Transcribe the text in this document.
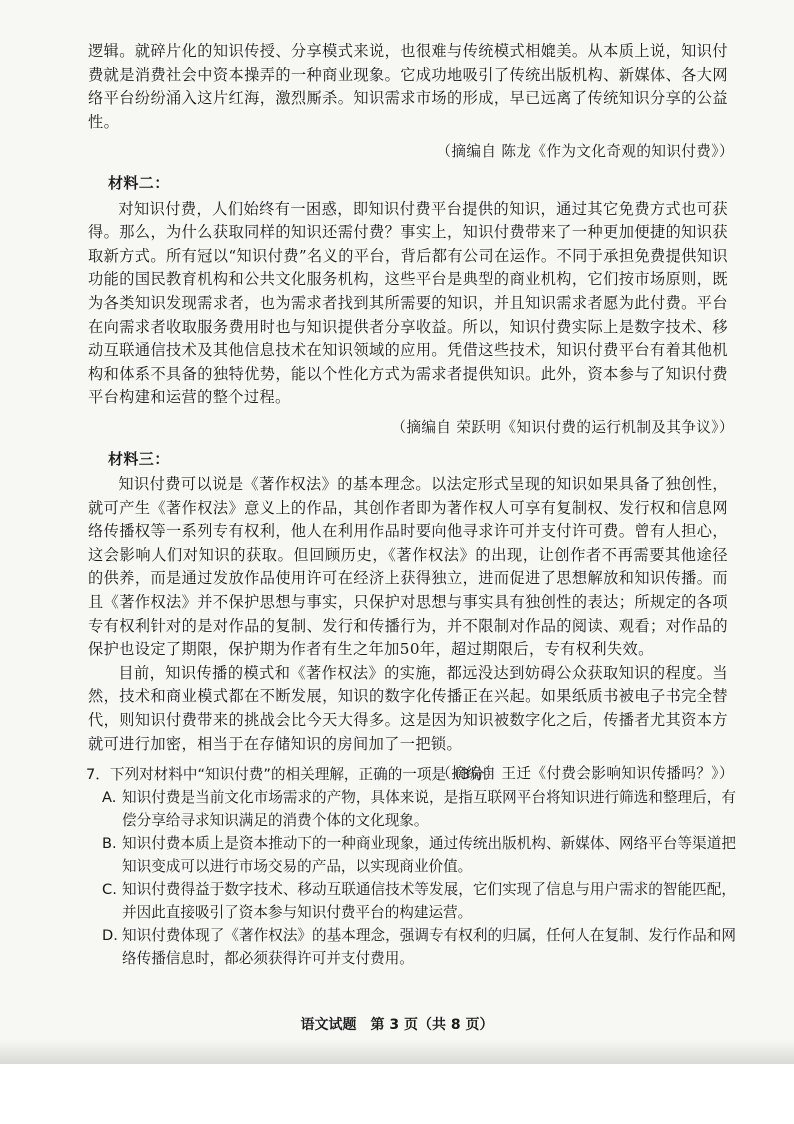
逻辑。就碎片化的知识传授、分享模式来说，也很难与传统模式相媲美。从本质上说，知识付费就是消费社会中资本操弄的一种商业现象。它成功地吸引了传统出版机构、新媒体、各大网络平台纷纷涌入这片红海，激烈厮杀。知识需求市场的形成，早已远离了传统知识分享的公益性。

（摘编自 陈龙《作为文化奇观的知识付费》）

材料二：

对知识付费，人们始终有一困惑，即知识付费平台提供的知识，通过其它免费方式也可获得。那么，为什么获取同样的知识还需付费？事实上，知识付费带来了一种更加便捷的知识获取新方式。所有冠以“知识付费”名义的平台，背后都有公司在运作。不同于承担免费提供知识功能的国民教育机构和公共文化服务机构，这些平台是典型的商业机构，它们按市场原则，既为各类知识发现需求者，也为需求者找到其所需要的知识，并且知识需求者愿为此付费。平台在向需求者收取服务费用时也与知识提供者分享收益。所以，知识付费实际上是数字技术、移动互联通信技术及其他信息技术在知识领域的应用。凭借这些技术，知识付费平台有着其他机构和体系不具备的独特优势，能以个性化方式为需求者提供知识。此外，资本参与了知识付费平台构建和运营的整个过程。

（摘编自 荣跃明《知识付费的运行机制及其争议》）

材料三：

知识付费可以说是《著作权法》的基本理念。以法定形式呈现的知识如果具备了独创性，就可产生《著作权法》意义上的作品，其创作者即为著作权人可享有复制权、发行权和信息网络传播权等一系列专有权利，他人在利用作品时要向他寻求许可并支付许可费。曾有人担心，这会影响人们对知识的获取。但回顾历史，《著作权法》的出现，让创作者不再需要其他途径的供养，而是通过发放作品使用许可在经济上获得独立，进而促进了思想解放和知识传播。而且《著作权法》并不保护思想与事实，只保护对思想与事实具有独创性的表达；所规定的各项专有权利针对的是对作品的复制、发行和传播行为，并不限制对作品的阅读、观看；对作品的保护也设定了期限，保护期为作者有生之年加50年，超过期限后，专有权利失效。

目前，知识传播的模式和《著作权法》的实施，都远没达到妨碍公众获取知识的程度。当然，技术和商业模式都在不断发展，知识的数字化传播正在兴起。如果纸质书被电子书完全替代，则知识付费带来的挑战会比今天大得多。这是因为知识被数字化之后，传播者尤其资本方就可进行加密，相当于在存储知识的房间加了一把锁。

（摘编自 王迁《付费会影响知识传播吗？》）

7．下列对材料中“知识付费”的相关理解，正确的一项是（3分）

A. 知识付费是当前文化市场需求的产物，具体来说，是指互联网平台将知识进行筛选和整理后，有偿分享给寻求知识满足的消费个体的文化现象。
B. 知识付费本质上是资本推动下的一种商业现象，通过传统出版机构、新媒体、网络平台等渠道把知识变成可以进行市场交易的产品，以实现商业价值。
C. 知识付费得益于数字技术、移动互联通信技术等发展，它们实现了信息与用户需求的智能匹配，并因此直接吸引了资本参与知识付费平台的构建运营。
D. 知识付费体现了《著作权法》的基本理念，强调专有权利的归属，任何人在复制、发行作品和网络传播信息时，都必须获得许可并支付费用。
语文试题　第 3 页（共 8 页）
